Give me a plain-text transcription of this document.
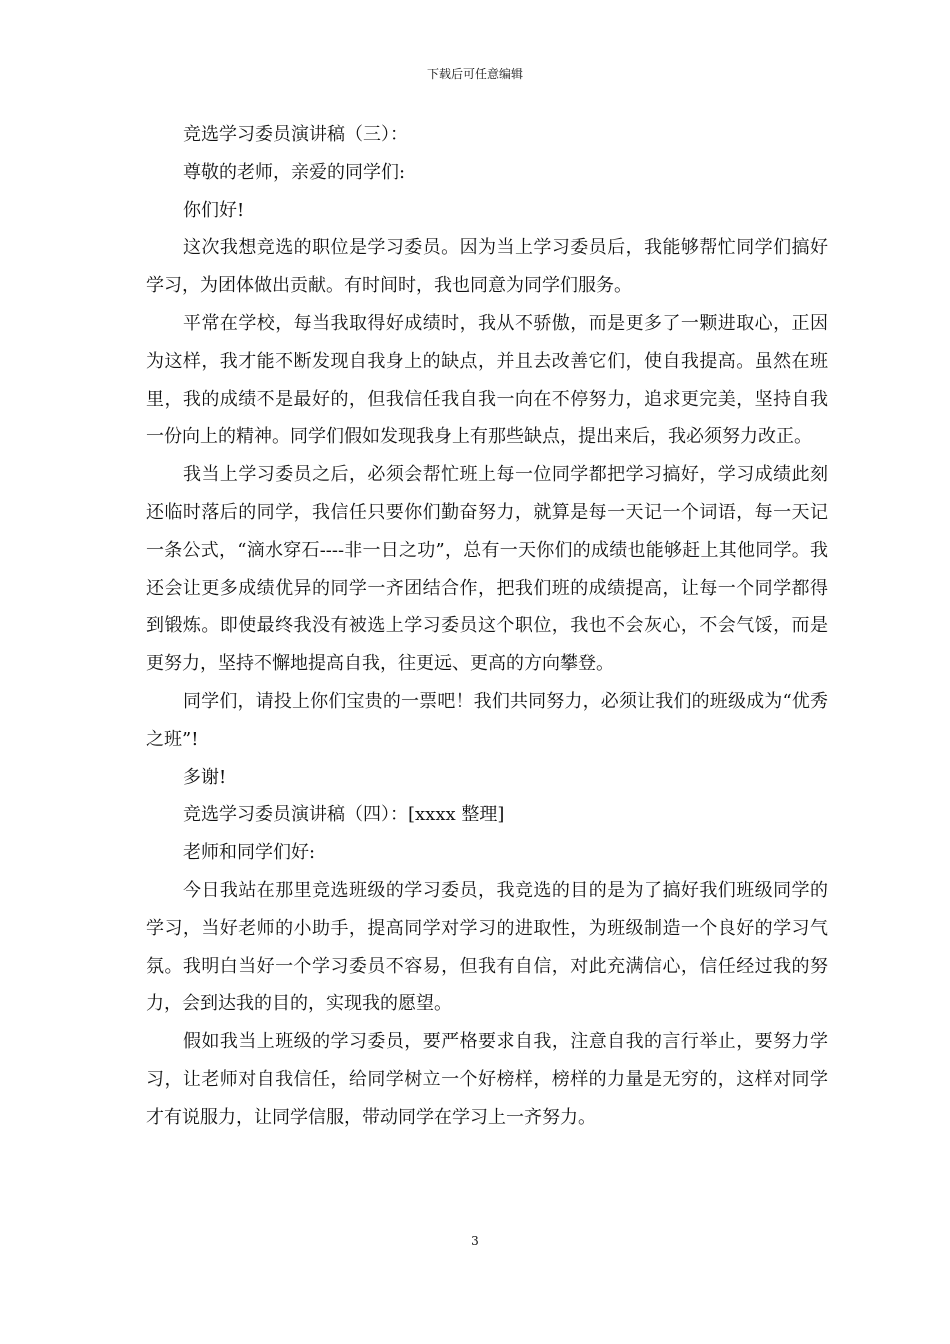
下载后可任意编辑

竞选学习委员演讲稿（三）：

尊敬的老师，亲爱的同学们:

你们好!

这次我想竞选的职位是学习委员。因为当上学习委员后，我能够帮忙同学们搞好学习，为团体做出贡献。有时间时，我也同意为同学们服务。

平常在学校，每当我取得好成绩时，我从不骄傲，而是更多了一颗进取心，正因为这样，我才能不断发现自我身上的缺点，并且去改善它们，使自我提高。虽然在班里，我的成绩不是最好的，但我信任我自我一向在不停努力，追求更完美，坚持自我一份向上的精神。同学们假如发现我身上有那些缺点，提出来后，我必须努力改正。

我当上学习委员之后，必须会帮忙班上每一位同学都把学习搞好，学习成绩此刻还临时落后的同学，我信任只要你们勤奋努力，就算是每一天记一个词语，每一天记一条公式，“滴水穿石----非一日之功”，总有一天你们的成绩也能够赶上其他同学。我还会让更多成绩优异的同学一齐团结合作，把我们班的成绩提高，让每一个同学都得到锻炼。即使最终我没有被选上学习委员这个职位，我也不会灰心，不会气馁，而是更努力，坚持不懈地提高自我，往更远、更高的方向攀登。

同学们，请投上你们宝贵的一票吧！我们共同努力，必须让我们的班级成为“优秀之班”!

多谢!

竞选学习委员演讲稿（四）：[xxxx 整理]

老师和同学们好:

今日我站在那里竞选班级的学习委员，我竞选的目的是为了搞好我们班级同学的学习，当好老师的小助手，提高同学对学习的进取性，为班级制造一个良好的学习气氛。我明白当好一个学习委员不容易，但我有自信，对此充满信心，信任经过我的努力，会到达我的目的，实现我的愿望。

假如我当上班级的学习委员，要严格要求自我，注意自我的言行举止，要努力学习，让老师对自我信任，给同学树立一个好榜样，榜样的力量是无穷的，这样对同学才有说服力，让同学信服，带动同学在学习上一齐努力。

3
